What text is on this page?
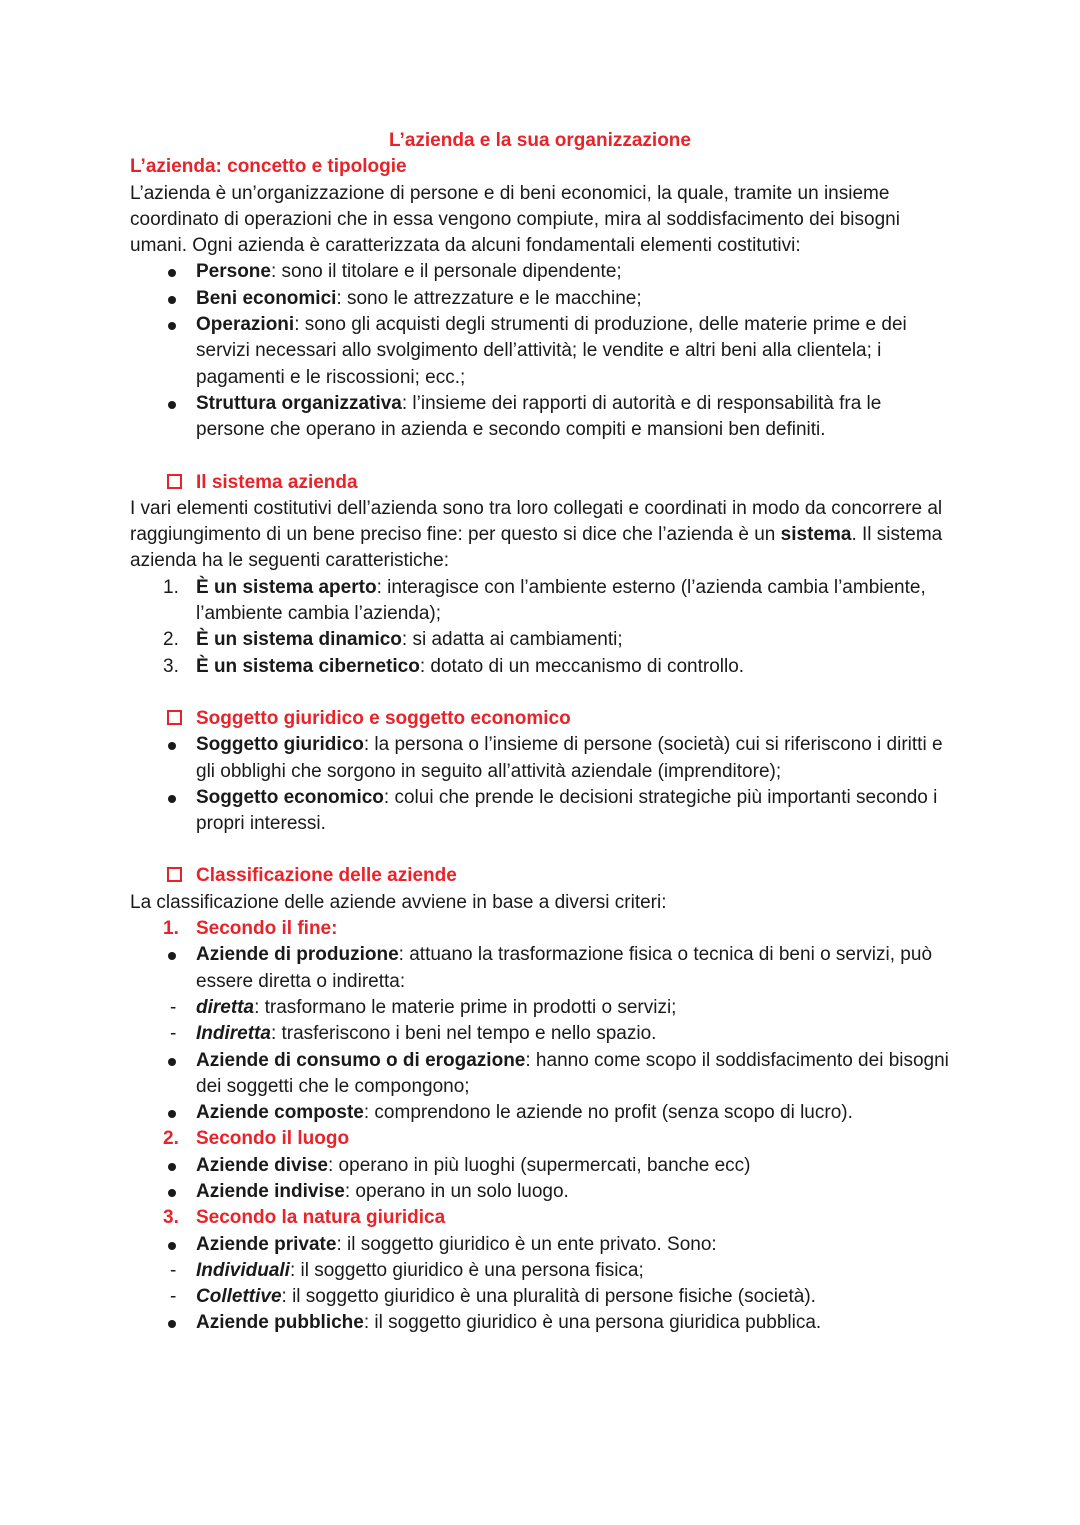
L’azienda e la sua organizzazione

L’azienda: concetto e tipologie

L’azienda è un’organizzazione di persone e di beni economici, la quale, tramite un insieme coordinato di operazioni che in essa vengono compiute, mira al soddisfacimento dei bisogni umani. Ogni azienda è caratterizzata da alcuni fondamentali elementi costitutivi:

Persone: sono il titolare e il personale dipendente;
Beni economici: sono le attrezzature e le macchine;
Operazioni: sono gli acquisti degli strumenti di produzione, delle materie prime e dei servizi necessari allo svolgimento dell’attività; le vendite e altri beni alla clientela; i pagamenti e le riscossioni; ecc.;
Struttura organizzativa: l’insieme dei rapporti di autorità e di responsabilità fra le persone che operano in azienda e secondo compiti e mansioni ben definiti.
Il sistema azienda

I vari elementi costitutivi dell’azienda sono tra loro collegati e coordinati in modo da concorrere al raggiungimento di un bene preciso fine: per questo si dice che l’azienda è un sistema. Il sistema azienda ha le seguenti caratteristiche:

1. È un sistema aperto: interagisce con l’ambiente esterno (l’azienda cambia l’ambiente, l’ambiente cambia l’azienda);
2. È un sistema dinamico: si adatta ai cambiamenti;
3. È un sistema cibernetico: dotato di un meccanismo di controllo.
Soggetto giuridico e soggetto economico
Soggetto giuridico: la persona o l’insieme di persone (società) cui si riferiscono i diritti e gli obblighi che sorgono in seguito all’attività aziendale (imprenditore);
Soggetto economico: colui che prende le decisioni strategiche più importanti secondo i propri interessi.
Classificazione delle aziende

La classificazione delle aziende avviene in base a diversi criteri:

1. Secondo il fine:
Aziende di produzione: attuano la trasformazione fisica o tecnica di beni o servizi, può essere diretta o indiretta:
- diretta: trasformano le materie prime in prodotti o servizi;
- Indiretta: trasferiscono i beni nel tempo e nello spazio.
Aziende di consumo o di erogazione: hanno come scopo il soddisfacimento dei bisogni dei soggetti che le compongono;
Aziende composte: comprendono le aziende no profit (senza scopo di lucro).
2. Secondo il luogo
Aziende divise: operano in più luoghi (supermercati, banche ecc)
Aziende indivise: operano in un solo luogo.
3. Secondo la natura giuridica
Aziende private: il soggetto giuridico è un ente privato. Sono:
- Individuali: il soggetto giuridico è una persona fisica;
- Collettive: il soggetto giuridico è una pluralità di persone fisiche (società).
Aziende pubbliche: il soggetto giuridico è una persona giuridica pubblica.
